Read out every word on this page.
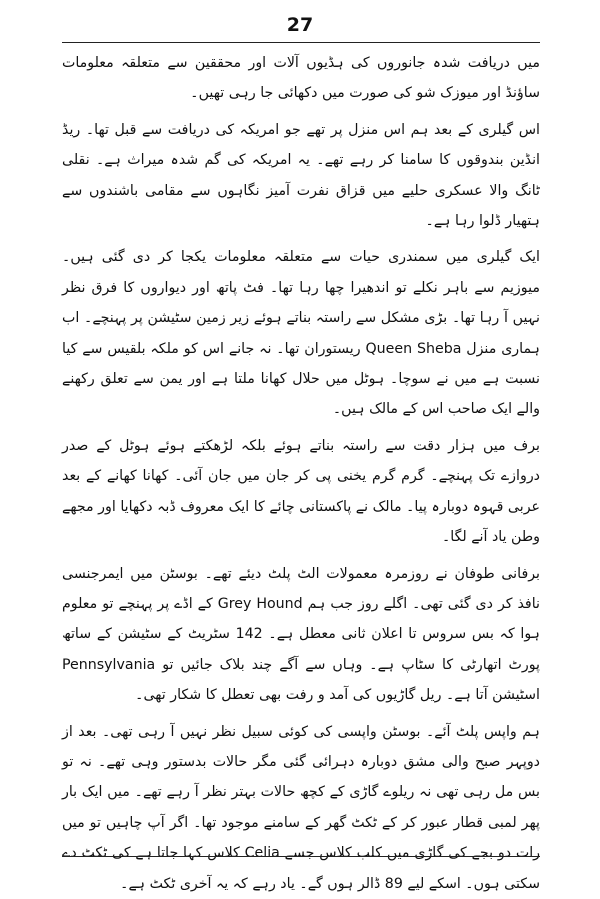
27

میں دریافت شدہ جانوروں کی ہڈیوں آلات اور محققین سے متعلقہ معلومات ساؤنڈ اور میوزک شو کی صورت میں دکھائی جا رہی تھیں۔

اس گیلری کے بعد ہم اس منزل پر تھے جو امریکہ کی دریافت سے قبل تھا۔ ریڈ انڈین بندوقوں کا سامنا کر رہے تھے۔ یہ امریکہ کی گم شدہ میراث ہے۔ نقلی ٹانگ والا عسکری حلیے میں قزاق نفرت آمیز نگاہوں سے مقامی باشندوں سے ہتھیار ڈلوا رہا ہے۔

ایک گیلری میں سمندری حیات سے متعلقہ معلومات یکجا کر دی گئی ہیں۔ میوزیم سے باہر نکلے تو اندھیرا چھا رہا تھا۔ فٹ پاتھ اور دیواروں کا فرق نظر نہیں آ رہا تھا۔ بڑی مشکل سے راستہ بناتے ہوئے زیر زمین سٹیشن پر پہنچے۔ اب ہماری منزل Queen Sheba ریستوران تھا۔ نہ جانے اس کو ملکہ بلقیس سے کیا نسبت ہے میں نے سوچا۔ ہوٹل میں حلال کھانا ملتا ہے اور یمن سے تعلق رکھنے والے ایک صاحب اس کے مالک ہیں۔

برف میں ہزار دقت سے راستہ بناتے ہوئے بلکہ لڑھکتے ہوئے ہوٹل کے صدر دروازے تک پہنچے۔ گرم گرم یخنی پی کر جان میں جان آئی۔ کھانا کھانے کے بعد عربی قہوہ دوبارہ پیا۔ مالک نے پاکستانی چائے کا ایک معروف ڈبہ دکھایا اور مجھے وطن یاد آنے لگا۔

برفانی طوفان نے روزمرہ معمولات الٹ پلٹ دیئے تھے۔ بوسٹن میں ایمرجنسی نافذ کر دی گئی تھی۔ اگلے روز جب ہم Grey Hound کے اڈے پر پہنچے تو معلوم ہوا کہ بس سروس تا اعلان ثانی معطل ہے۔ 142 سٹریٹ کے سٹیشن کے ساتھ پورٹ اتھارٹی کا سٹاپ ہے۔ وہاں سے آگے چند بلاک جائیں تو Pennsylvania اسٹیشن آتا ہے۔ ریل گاڑیوں کی آمد و رفت بھی تعطل کا شکار تھی۔

ہم واپس پلٹ آئے۔ بوسٹن واپسی کی کوئی سبیل نظر نہیں آ رہی تھی۔ بعد از دوپہر صبح والی مشق دوبارہ دہرائی گئی مگر حالات بدستور وہی تھے۔ نہ تو بس مل رہی تھی نہ ریلوے گاڑی کے کچھ حالات بہتر نظر آ رہے تھے۔ میں ایک بار پھر لمبی قطار عبور کر کے ٹکٹ گھر کے سامنے موجود تھا۔ اگر آپ چاہیں تو میں رات دو بجے کی گاڑی میں کلب کلاس جسے Celia کلاس کہا جاتا ہے کی ٹکٹ دے سکتی ہوں۔ اسکے لیے 89 ڈالر ہوں گے۔ یاد رہے کہ یہ آخری ٹکٹ ہے۔
